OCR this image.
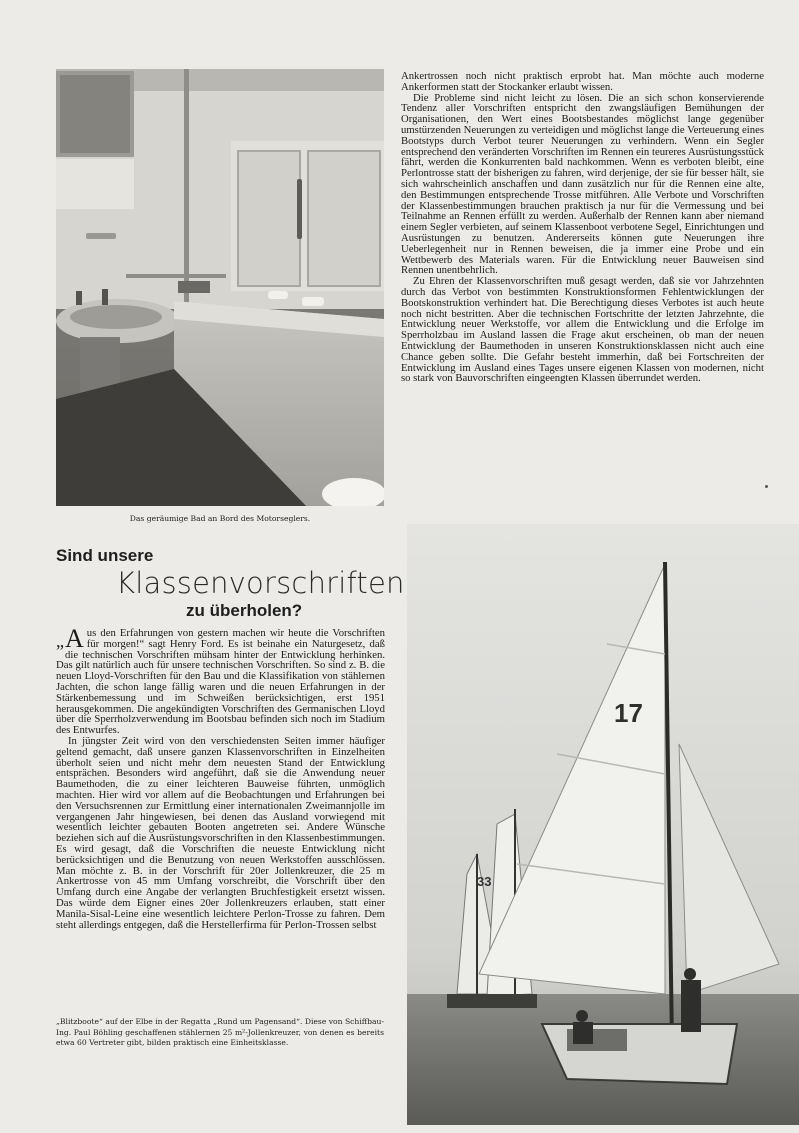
Das geräumige Bad an Bord des Motorseglers.

Ankertrossen noch nicht praktisch erprobt hat. Man möchte auch moderne Ankerformen statt der Stockanker erlaubt wissen.

Die Probleme sind nicht leicht zu lösen. Die an sich schon konservierende Tendenz aller Vorschriften entspricht den zwangsläufigen Bemühungen der Organisationen, den Wert eines Bootsbestandes möglichst lange gegenüber umstürzenden Neuerungen zu verteidigen und möglichst lange die Verteuerung eines Bootstyps durch Verbot teurer Neuerungen zu verhindern. Wenn ein Segler entsprechend den veränderten Vorschriften im Rennen ein teureres Ausrüstungsstück fährt, werden die Konkurrenten bald nachkommen. Wenn es verboten bleibt, eine Perlontrosse statt der bisherigen zu fahren, wird derjenige, der sie für besser hält, sie sich wahrscheinlich anschaffen und dann zusätzlich nur für die Rennen eine alte, den Bestimmungen entsprechende Trosse mitführen. Alle Verbote und Vorschriften der Klassenbestimmungen brauchen praktisch ja nur für die Vermessung und bei Teilnahme an Rennen erfüllt zu werden. Außerhalb der Rennen kann aber niemand einem Segler verbieten, auf seinem Klassenboot verbotene Segel, Einrichtungen und Ausrüstungen zu benutzen. Andererseits können gute Neuerungen ihre Ueberlegenheit nur in Rennen beweisen, die ja immer eine Probe und ein Wettbewerb des Materials waren. Für die Entwicklung neuer Bauweisen sind Rennen unentbehrlich.

Zu Ehren der Klassenvorschriften muß gesagt werden, daß sie vor Jahrzehnten durch das Verbot von bestimmten Konstruktionsformen Fehlentwicklungen der Bootskonstruktion verhindert hat. Die Berechtigung dieses Verbotes ist auch heute noch nicht bestritten. Aber die technischen Fortschritte der letzten Jahrzehnte, die Entwicklung neuer Werkstoffe, vor allem die Entwicklung und die Erfolge im Sperrholzbau im Ausland lassen die Frage akut erscheinen, ob man der neuen Entwicklung der Baumethoden in unseren Konstruktionsklassen nicht auch eine Chance geben sollte. Die Gefahr besteht immerhin, daß bei Fortschreiten der Entwicklung im Ausland eines Tages unsere eigenen Klassen von modernen, nicht so stark von Bauvorschriften eingeengten Klassen überrundet werden.

Sind unsere
Klassenvorschriften
zu überholen?

„ A us den Erfahrungen von gestern machen wir heute die Vorschriften für morgen!“ sagt Henry Ford. Es ist beinahe ein Naturgesetz, daß die technischen Vorschriften mühsam hinter der Entwicklung herhinken. Das gilt natürlich auch für unsere technischen Vorschriften. So sind z. B. die neuen Lloyd-Vorschriften für den Bau und die Klassifikation von stählernen Jachten, die schon lange fällig waren und die neuen Erfahrungen in der Stärkenbemessung und im Schweißen berücksichtigen, erst 1951 herausgekommen. Die angekündigten Vorschriften des Germanischen Lloyd über die Sperrholzverwendung im Bootsbau befinden sich noch im Stadium des Entwurfes.

In jüngster Zeit wird von den verschiedensten Seiten immer häufiger geltend gemacht, daß unsere ganzen Klassenvorschriften in Einzelheiten überholt seien und nicht mehr dem neuesten Stand der Entwicklung entsprächen. Besonders wird angeführt, daß sie die Anwendung neuer Baumethoden, die zu einer leichteren Bauweise führten, unmöglich machten. Hier wird vor allem auf die Beobachtungen und Erfahrungen bei den Versuchsrennen zur Ermittlung einer internationalen Zweimannjolle im vergangenen Jahr hingewiesen, bei denen das Ausland vorwiegend mit wesentlich leichter gebauten Booten angetreten sei. Andere Wünsche beziehen sich auf die Ausrüstungsvorschriften in den Klassenbestimmungen. Es wird gesagt, daß die Vorschriften die neueste Entwicklung nicht berücksichtigen und die Benutzung von neuen Werkstoffen ausschlössen. Man möchte z. B. in der Vorschrift für 20er Jollenkreuzer, die 25 m Ankertrosse von 45 mm Umfang vorschreibt, die Vorschrift über den Umfang durch eine Angabe der verlangten Bruchfestigkeit ersetzt wissen. Das würde dem Eigner eines 20er Jollenkreuzers erlauben, statt einer Manila-Sisal-Leine eine wesentlich leichtere Perlon-Trosse zu fahren. Dem steht allerdings entgegen, daß die Herstellerfirma für Perlon-Trossen selbst

„Blitzboote“ auf der Elbe in der Regatta „Rund um Pagensand“. Diese von Schiffbau-Ing. Paul Böhling geschaffenen stählernen 25 m²-Jollenkreuzer, von denen es bereits etwa 60 Vertreter gibt, bilden praktisch eine Einheitsklasse.
17
33
